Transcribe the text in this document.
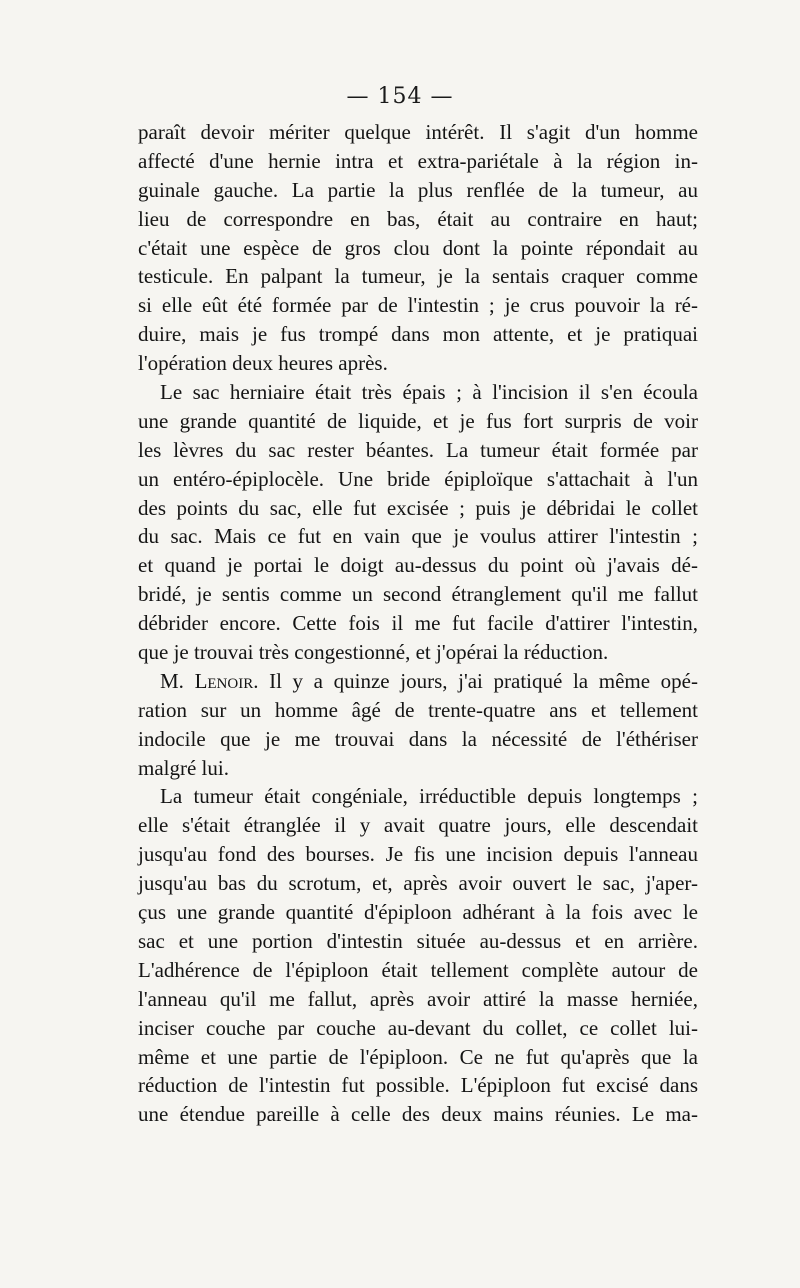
— 154 —
paraît devoir mériter quelque intérêt. Il s'agit d'un homme
affecté d'une hernie intra et extra-pariétale à la région in-
guinale gauche. La partie la plus renflée de la tumeur, au
lieu de correspondre en bas, était au contraire en haut;
c'était une espèce de gros clou dont la pointe répondait au
testicule. En palpant la tumeur, je la sentais craquer comme
si elle eût été formée par de l'intestin ; je crus pouvoir la ré-
duire, mais je fus trompé dans mon attente, et je pratiquai
l'opération deux heures après.
Le sac herniaire était très épais ; à l'incision il s'en écoula
une grande quantité de liquide, et je fus fort surpris de voir
les lèvres du sac rester béantes. La tumeur était formée par
un entéro-épiplocèle. Une bride épiploïque s'attachait à l'un
des points du sac, elle fut excisée ; puis je débridai le collet
du sac. Mais ce fut en vain que je voulus attirer l'intestin ;
et quand je portai le doigt au-dessus du point où j'avais dé-
bridé, je sentis comme un second étranglement qu'il me fallut
débrider encore. Cette fois il me fut facile d'attirer l'intestin,
que je trouvai très congestionné, et j'opérai la réduction.
M. Lenoir. Il y a quinze jours, j'ai pratiqué la même opé-
ration sur un homme âgé de trente-quatre ans et tellement
indocile que je me trouvai dans la nécessité de l'éthériser
malgré lui.
La tumeur était congéniale, irréductible depuis longtemps ;
elle s'était étranglée il y avait quatre jours, elle descendait
jusqu'au fond des bourses. Je fis une incision depuis l'anneau
jusqu'au bas du scrotum, et, après avoir ouvert le sac, j'aper-
çus une grande quantité d'épiploon adhérant à la fois avec le
sac et une portion d'intestin située au-dessus et en arrière.
L'adhérence de l'épiploon était tellement complète autour de
l'anneau qu'il me fallut, après avoir attiré la masse herniée,
inciser couche par couche au-devant du collet, ce collet lui-
même et une partie de l'épiploon. Ce ne fut qu'après que la
réduction de l'intestin fut possible. L'épiploon fut excisé dans
une étendue pareille à celle des deux mains réunies. Le ma-
